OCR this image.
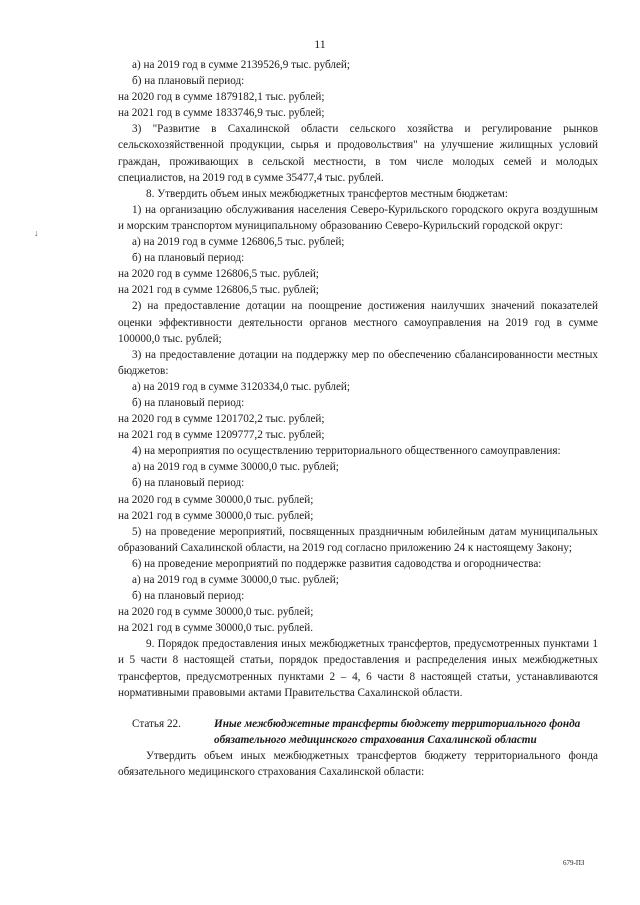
11
↓

а) на 2019 год в сумме 2139526,9 тыс. рублей;

б) на плановый период:

на 2020 год в сумме 1879182,1 тыс. рублей;

на 2021 год в сумме 1833746,9 тыс. рублей;

3) "Развитие в Сахалинской области сельского хозяйства и регулирование рынков сельскохозяйственной продукции, сырья и продовольствия" на улучшение жилищных условий граждан, проживающих в сельской местности, в том числе молодых семей и молодых специалистов, на 2019 год в сумме 35477,4 тыс. рублей.

8. Утвердить объем иных межбюджетных трансфертов местным бюджетам:

1) на организацию обслуживания населения Северо-Курильского городского округа воздушным и морским транспортом муниципальному образованию Северо-Курильский городской округ:

а) на 2019 год в сумме 126806,5 тыс. рублей;

б) на плановый период:

на 2020 год в сумме 126806,5 тыс. рублей;

на 2021 год в сумме 126806,5 тыс. рублей;

2) на предоставление дотации на поощрение достижения наилучших значений показателей оценки эффективности деятельности органов местного самоуправления на 2019 год в сумме 100000,0 тыс. рублей;

3) на предоставление дотации на поддержку мер по обеспечению сбалансированности местных бюджетов:

а) на 2019 год в сумме 3120334,0 тыс. рублей;

б) на плановый период:

на 2020 год в сумме 1201702,2 тыс. рублей;

на 2021 год в сумме 1209777,2 тыс. рублей;

4) на мероприятия по осуществлению территориального общественного самоуправления:

а) на 2019 год в сумме 30000,0 тыс. рублей;

б) на плановый период:

на 2020 год в сумме 30000,0 тыс. рублей;

на 2021 год в сумме 30000,0 тыс. рублей;

5) на проведение мероприятий, посвященных праздничным юбилейным датам муниципальных образований Сахалинской области, на 2019 год согласно приложению 24 к настоящему Закону;

6) на проведение мероприятий по поддержке развития садоводства и огородничества:

а) на 2019 год в сумме 30000,0 тыс. рублей;

б) на плановый период:

на 2020 год в сумме 30000,0 тыс. рублей;

на 2021 год в сумме 30000,0 тыс. рублей.

9. Порядок предоставления иных межбюджетных трансфертов, предусмотренных пунктами 1 и 5 части 8 настоящей статьи, порядок предоставления и распределения иных межбюджетных трансфертов, предусмотренных пунктами 2 – 4, 6 части 8 настоящей статьи, устанавливаются нормативными правовыми актами Правительства Сахалинской области.

Статья 22.	Иные межбюджетные трансферты бюджету территориального фонда обязательного медицинского страхования Сахалинской области

Утвердить объем иных межбюджетных трансфертов бюджету территориального фонда обязательного медицинского страхования Сахалинской области:

679-ПЗ
